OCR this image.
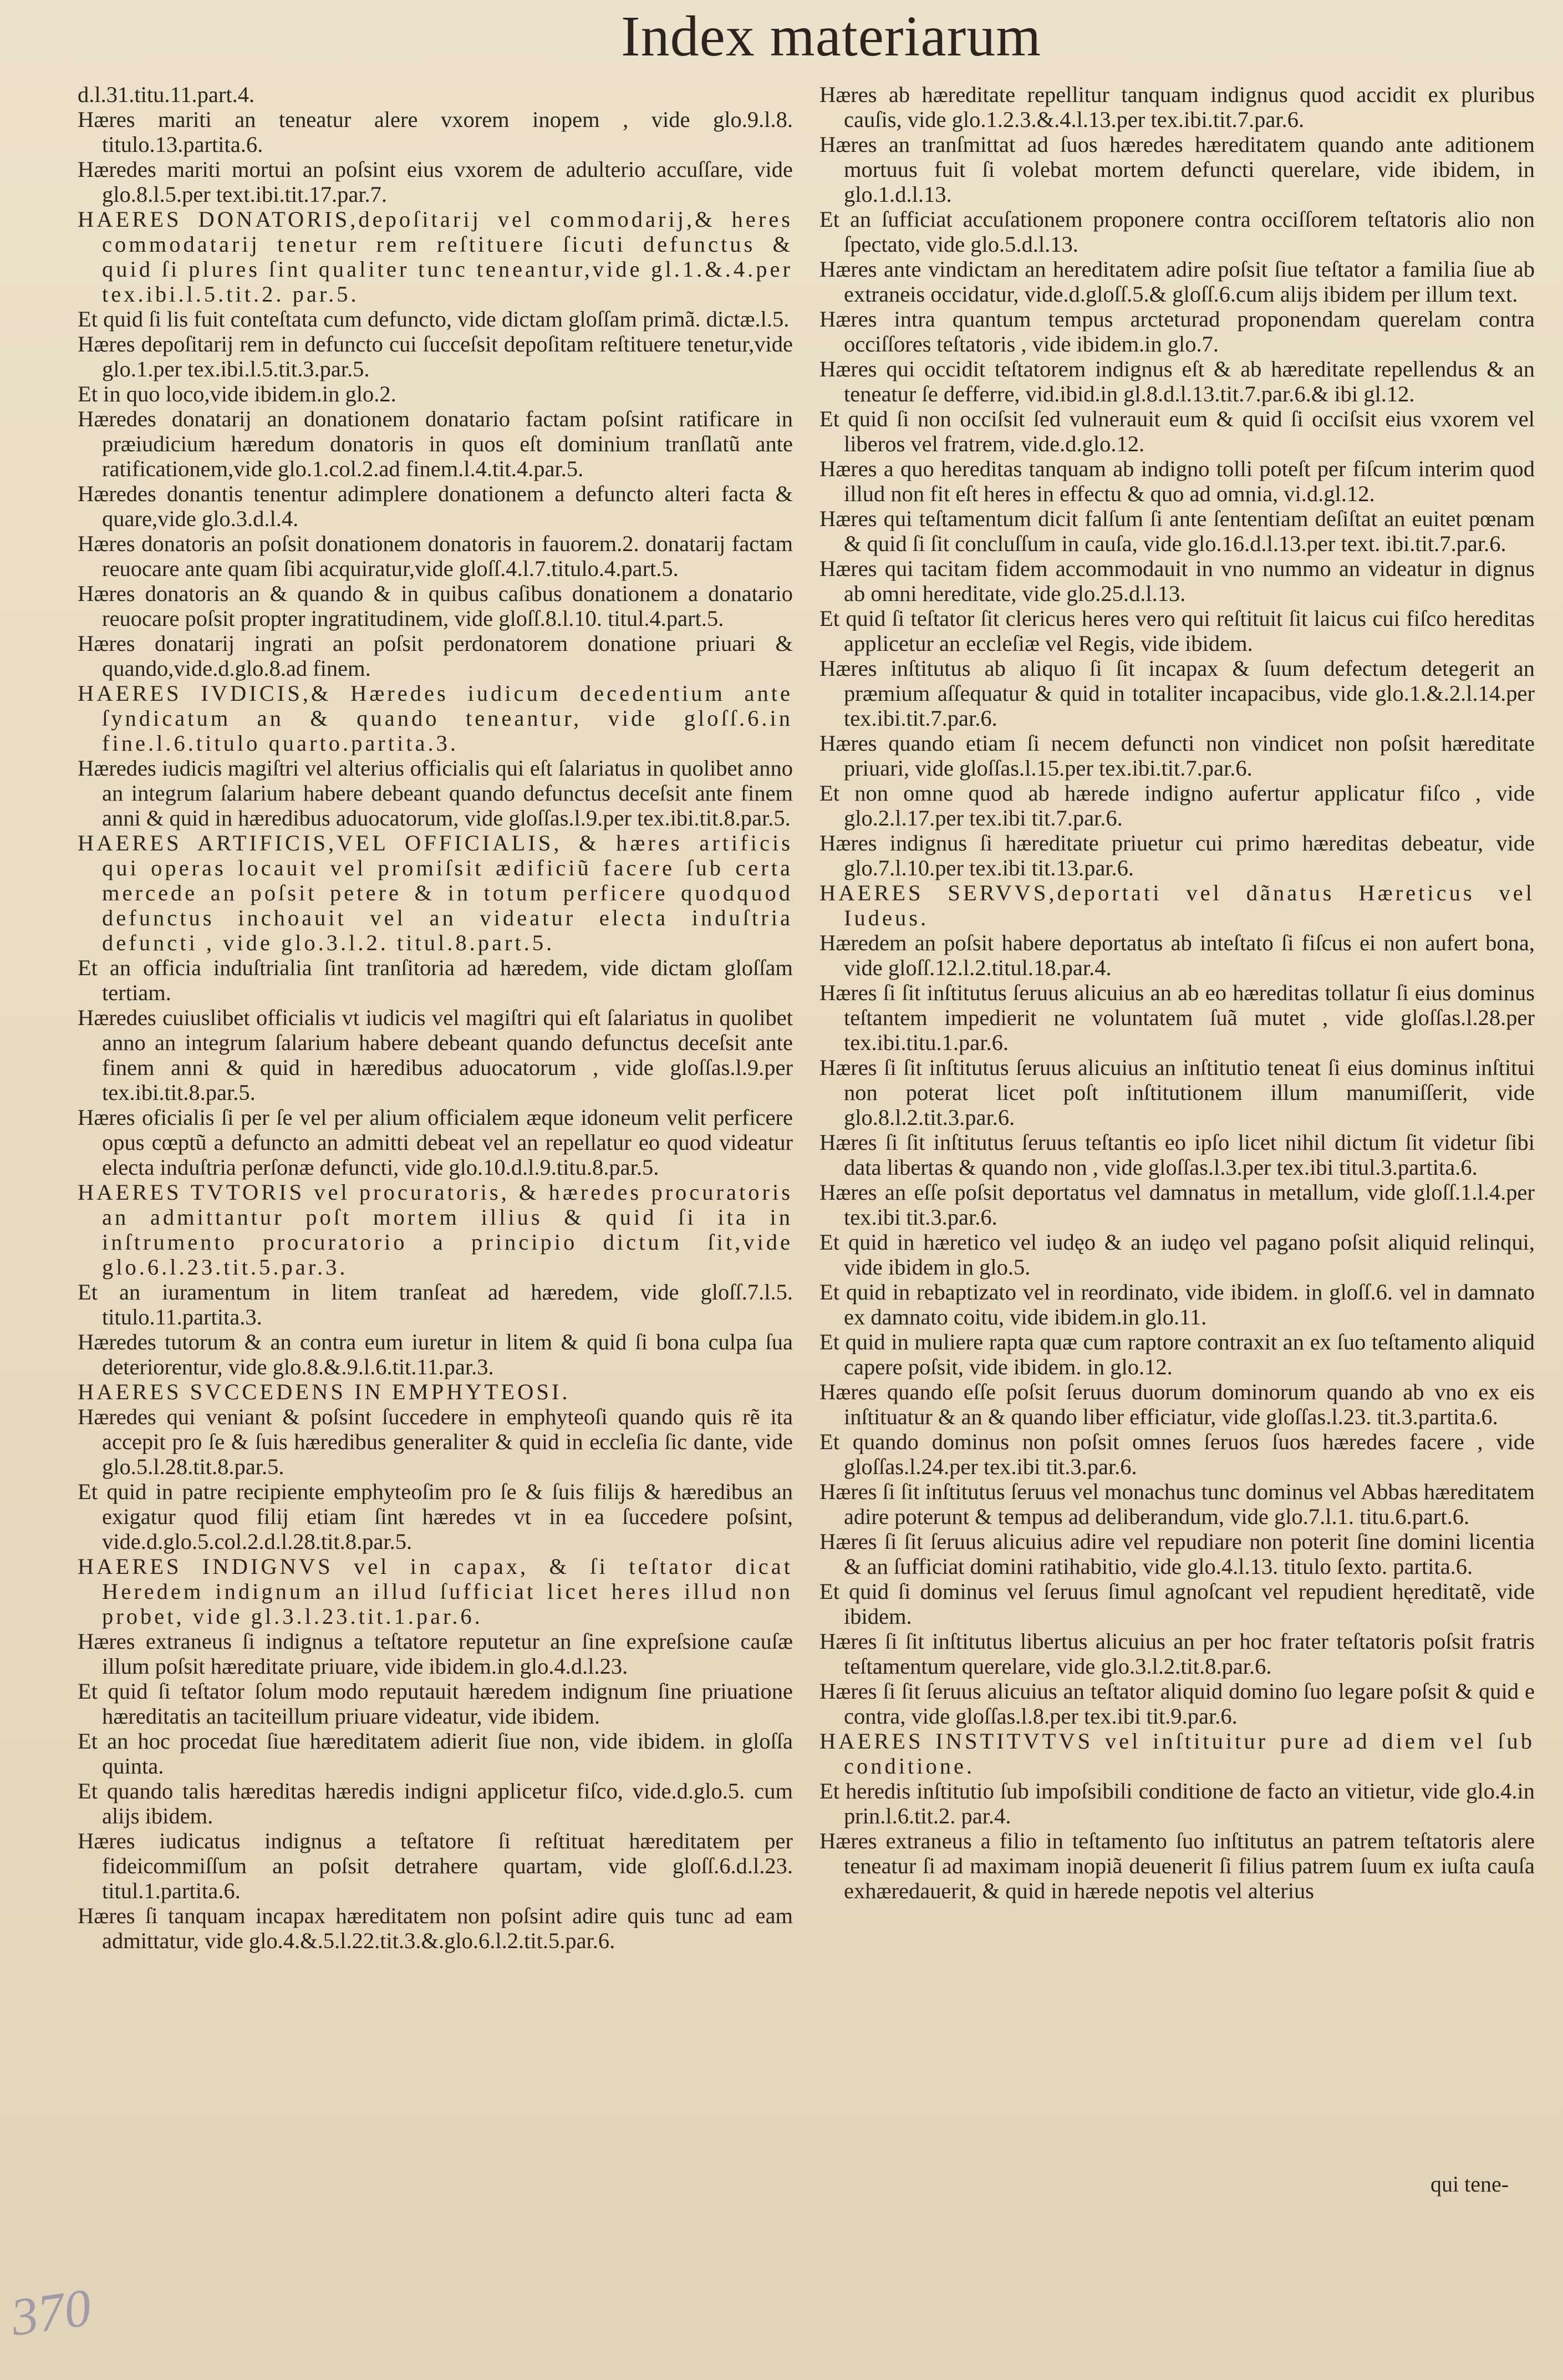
Index materiarum

d.l.31.titu.11.part.4.

Hæres mariti an teneatur alere vxorem inopem , vide glo.9.l.8. titulo.13.partita.6.

Hæredes mariti mortui an poſsint eius vxorem de adulterio accuſſare, vide glo.8.l.5.per text.ibi.tit.17.par.7.

HAERES DONATORIS,depoſitarij vel commodarij,& heres commodatarij tenetur rem reſtituere ſicuti defunctus & quid ſi plures ſint qualiter tunc teneantur,vide gl.1.&.4.per tex.ibi.l.5.tit.2. par.5.

Et quid ſi lis fuit conteſtata cum defuncto, vide dictam gloſſam primã. dictæ.l.5.

Hæres depoſitarij rem in defuncto cui ſucceſsit depoſitam reſtituere tenetur,vide glo.1.per tex.ibi.l.5.tit.3.par.5.

Et in quo loco,vide ibidem.in glo.2.

Hæredes donatarij an donationem donatario factam poſsint ratificare in præiudicium hæredum donatoris in quos eſt dominium tranſlatũ ante ratificationem,vide glo.1.col.2.ad finem.l.4.tit.4.par.5.

Hæredes donantis tenentur adimplere donationem a defuncto alteri facta & quare,vide glo.3.d.l.4.

Hæres donatoris an poſsit donationem donatoris in fauorem.2. donatarij factam reuocare ante quam ſibi acquiratur,vide gloſſ.4.l.7.titulo.4.part.5.

Hæres donatoris an & quando & in quibus caſibus donationem a donatario reuocare poſsit propter ingratitudinem, vide gloſſ.8.l.10. titul.4.part.5.

Hæres donatarij ingrati an poſsit perdonatorem donatione priuari & quando,vide.d.glo.8.ad finem.

HAERES IVDICIS,& Hæredes iudicum decedentium ante ſyndicatum an & quando teneantur, vide gloſſ.6.in fine.l.6.titulo quarto.partita.3.

Hæredes iudicis magiſtri vel alterius officialis qui eſt ſalariatus in quolibet anno an integrum ſalarium habere debeant quando defunctus deceſsit ante finem anni & quid in hæredibus aduocatorum, vide gloſſas.l.9.per tex.ibi.tit.8.par.5.

HAERES ARTIFICIS,VEL OFFICIALIS, & hæres artificis qui operas locauit vel promiſsit ædificiũ facere ſub certa mercede an poſsit petere & in totum perficere quodquod defunctus inchoauit vel an videatur electa induſtria defuncti , vide glo.3.l.2. titul.8.part.5.

Et an officia induſtrialia ſint tranſitoria ad hæredem, vide dictam gloſſam tertiam.

Hæredes cuiuslibet officialis vt iudicis vel magiſtri qui eſt ſalariatus in quolibet anno an integrum ſalarium habere debeant quando defunctus deceſsit ante finem anni & quid in hæredibus aduocatorum , vide gloſſas.l.9.per tex.ibi.tit.8.par.5.

Hæres oficialis ſi per ſe vel per alium officialem æque idoneum velit perficere opus cœptũ a defuncto an admitti debeat vel an repellatur eo quod videatur electa induſtria perſonæ defuncti, vide glo.10.d.l.9.titu.8.par.5.

HAERES TVTORIS vel procuratoris, & hæredes procuratoris an admittantur poſt mortem illius & quid ſi ita in inſtrumento procuratorio a principio dictum ſit,vide glo.6.l.23.tit.5.par.3.

Et an iuramentum in litem tranſeat ad hæredem, vide gloſſ.7.l.5. titulo.11.partita.3.

Hæredes tutorum & an contra eum iuretur in litem & quid ſi bona culpa ſua deteriorentur, vide glo.8.&.9.l.6.tit.11.par.3.

HAERES SVCCEDENS IN EMPHYTEOSI.

Hæredes qui veniant & poſsint ſuccedere in emphyteoſi quando quis rẽ ita accepit pro ſe & ſuis hæredibus generaliter & quid in eccleſia ſic dante, vide glo.5.l.28.tit.8.par.5.

Et quid in patre recipiente emphyteoſim pro ſe & ſuis filijs & hæredibus an exigatur quod filij etiam ſint hæredes vt in ea ſuccedere poſsint, vide.d.glo.5.col.2.d.l.28.tit.8.par.5.

HAERES INDIGNVS vel in capax, & ſi teſtator dicat Heredem indignum an illud ſufficiat licet heres illud non probet, vide gl.3.l.23.tit.1.par.6.

Hæres extraneus ſi indignus a teſtatore reputetur an ſine expreſsione cauſæ illum poſsit hæreditate priuare, vide ibidem.in glo.4.d.l.23.

Et quid ſi teſtator ſolum modo reputauit hæredem indignum ſine priuatione hæreditatis an taciteillum priuare videatur, vide ibidem.

Et an hoc procedat ſiue hæreditatem adierit ſiue non, vide ibidem. in gloſſa quinta.

Et quando talis hæreditas hæredis indigni applicetur fiſco, vide.d.glo.5. cum alijs ibidem.

Hæres iudicatus indignus a teſtatore ſi reſtituat hæreditatem per fideicommiſſum an poſsit detrahere quartam, vide gloſſ.6.d.l.23. titul.1.partita.6.

Hæres ſi tanquam incapax hæreditatem non poſsint adire quis tunc ad eam admittatur, vide glo.4.&.5.l.22.tit.3.&.glo.6.l.2.tit.5.par.6.

Hæres ab hæreditate repellitur tanquam indignus quod accidit ex pluribus cauſis, vide glo.1.2.3.&.4.l.13.per tex.ibi.tit.7.par.6.

Hæres an tranſmittat ad ſuos hæredes hæreditatem quando ante aditionem mortuus fuit ſi volebat mortem defuncti querelare, vide ibidem, in glo.1.d.l.13.

Et an ſufficiat accuſationem proponere contra occiſſorem teſtatoris alio non ſpectato, vide glo.5.d.l.13.

Hæres ante vindictam an hereditatem adire poſsit ſiue teſtator a familia ſiue ab extraneis occidatur, vide.d.gloſſ.5.& gloſſ.6.cum alijs ibidem per illum text.

Hæres intra quantum tempus arcteturad proponendam querelam contra occiſſores teſtatoris , vide ibidem.in glo.7.

Hæres qui occidit teſtatorem indignus eſt & ab hæreditate repellendus & an teneatur ſe defferre, vid.ibid.in gl.8.d.l.13.tit.7.par.6.& ibi gl.12.

Et quid ſi non occiſsit ſed vulnerauit eum & quid ſi occiſsit eius vxorem vel liberos vel fratrem, vide.d.glo.12.

Hæres a quo hereditas tanquam ab indigno tolli poteſt per fiſcum interim quod illud non fit eſt heres in effectu & quo ad omnia, vi.d.gl.12.

Hæres qui teſtamentum dicit falſum ſi ante ſententiam deſiſtat an euitet pœnam & quid ſi ſit concluſſum in cauſa, vide glo.16.d.l.13.per text. ibi.tit.7.par.6.

Hæres qui tacitam fidem accommodauit in vno nummo an videatur in dignus ab omni hereditate, vide glo.25.d.l.13.

Et quid ſi teſtator ſit clericus heres vero qui reſtituit ſit laicus cui fiſco hereditas applicetur an eccleſiæ vel Regis, vide ibidem.

Hæres inſtitutus ab aliquo ſi ſit incapax & ſuum defectum detegerit an præmium aſſequatur & quid in totaliter incapacibus, vide glo.1.&.2.l.14.per tex.ibi.tit.7.par.6.

Hæres quando etiam ſi necem defuncti non vindicet non poſsit hæreditate priuari, vide gloſſas.l.15.per tex.ibi.tit.7.par.6.

Et non omne quod ab hærede indigno aufertur applicatur fiſco , vide glo.2.l.17.per tex.ibi tit.7.par.6.

Hæres indignus ſi hæreditate priuetur cui primo hæreditas debeatur, vide glo.7.l.10.per tex.ibi tit.13.par.6.

HAERES SERVVS,deportati vel dãnatus Hæreticus vel Iudeus.

Hæredem an poſsit habere deportatus ab inteſtato ſi fiſcus ei non aufert bona, vide gloſſ.12.l.2.titul.18.par.4.

Hæres ſi ſit inſtitutus ſeruus alicuius an ab eo hæreditas tollatur ſi eius dominus teſtantem impedierit ne voluntatem ſuã mutet , vide gloſſas.l.28.per tex.ibi.titu.1.par.6.

Hæres ſi ſit inſtitutus ſeruus alicuius an inſtitutio teneat ſi eius dominus inſtitui non poterat licet poſt inſtitutionem illum manumiſſerit, vide glo.8.l.2.tit.3.par.6.

Hæres ſi ſit inſtitutus ſeruus teſtantis eo ipſo licet nihil dictum ſit videtur ſibi data libertas & quando non , vide gloſſas.l.3.per tex.ibi titul.3.partita.6.

Hæres an eſſe poſsit deportatus vel damnatus in metallum, vide gloſſ.1.l.4.per tex.ibi tit.3.par.6.

Et quid in hæretico vel iudęo & an iudęo vel pagano poſsit aliquid relinqui, vide ibidem in glo.5.

Et quid in rebaptizato vel in reordinato, vide ibidem. in gloſſ.6. vel in damnato ex damnato coitu, vide ibidem.in glo.11.

Et quid in muliere rapta quæ cum raptore contraxit an ex ſuo teſtamento aliquid capere poſsit, vide ibidem. in glo.12.

Hæres quando eſſe poſsit ſeruus duorum dominorum quando ab vno ex eis inſtituatur & an & quando liber efficiatur, vide gloſſas.l.23. tit.3.partita.6.

Et quando dominus non poſsit omnes ſeruos ſuos hæredes facere , vide gloſſas.l.24.per tex.ibi tit.3.par.6.

Hæres ſi ſit inſtitutus ſeruus vel monachus tunc dominus vel Abbas hæreditatem adire poterunt & tempus ad deliberandum, vide glo.7.l.1. titu.6.part.6.

Hæres ſi ſit ſeruus alicuius adire vel repudiare non poterit ſine domini licentia & an ſufficiat domini ratihabitio, vide glo.4.l.13. titulo ſexto. partita.6.

Et quid ſi dominus vel ſeruus ſimul agnoſcant vel repudient hęreditatẽ, vide ibidem.

Hæres ſi ſit inſtitutus libertus alicuius an per hoc frater teſtatoris poſsit fratris teſtamentum querelare, vide glo.3.l.2.tit.8.par.6.

Hæres ſi ſit ſeruus alicuius an teſtator aliquid domino ſuo legare poſsit & quid e contra, vide gloſſas.l.8.per tex.ibi tit.9.par.6.

HAERES INSTITVTVS vel inſtituitur pure ad diem vel ſub conditione.

Et heredis inſtitutio ſub impoſsibili conditione de facto an vitietur, vide glo.4.in prin.l.6.tit.2. par.4.

Hæres extraneus a filio in teſtamento ſuo inſtitutus an patrem teſtatoris alere teneatur ſi ad maximam inopiã deuenerit ſi filius patrem ſuum ex iuſta cauſa exhæredauerit, & quid in hærede nepotis vel alterius

qui tene-
370
